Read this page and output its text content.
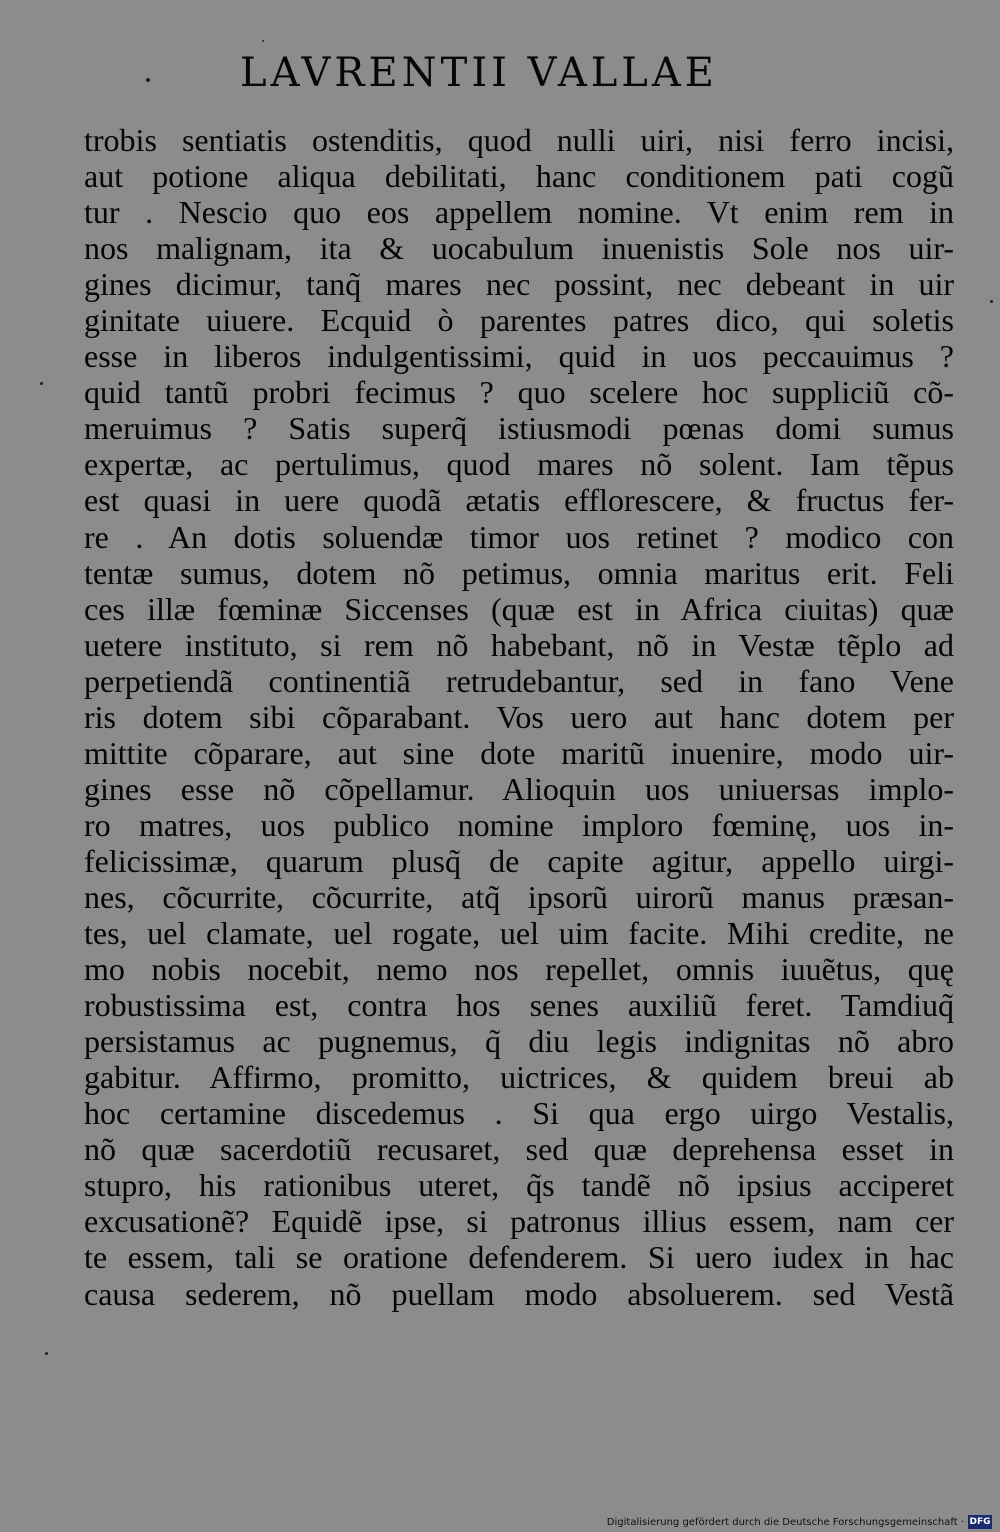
LAVRENTII VALLAE
trobis sentiatis ostenditis, quod nulli uiri, nisi ferro incisi,
aut potione aliqua debilitati, hanc conditionem pati cogũ
tur . Nescio quo eos appellem nomine. Vt enim rem in
nos malignam, ita & uocabulum inuenistis Sole nos uir-
gines dicimur, tanq̃ mares nec possint, nec debeant in uir
ginitate uiuere. Ecquid ò parentes patres dico, qui soletis
esse in liberos indulgentissimi, quid in uos peccauimus ?
quid tantũ probri fecimus ? quo scelere hoc suppliciũ cõ-
meruimus ? Satis superq̃ istiusmodi pœnas domi sumus
expertæ, ac pertulimus, quod mares nõ solent. Iam tẽpus
est quasi in uere quodã ætatis efflorescere, & fructus fer-
re . An dotis soluendæ timor uos retinet ? modico con
tentæ sumus, dotem nõ petimus, omnia maritus erit. Feli
ces illæ fœminæ Siccenses (quæ est in Africa ciuitas) quæ
uetere instituto, si rem nõ habebant, nõ in Vestæ tẽplo ad
perpetiendã continentiã retrudebantur, sed in fano Vene
ris dotem sibi cõparabant. Vos uero aut hanc dotem per
mittite cõparare, aut sine dote maritũ inuenire, modo uir-
gines esse nõ cõpellamur. Alioquin uos uniuersas implo-
ro matres, uos publico nomine imploro fœminę, uos in-
felicissimæ, quarum plusq̃ de capite agitur, appello uirgi-
nes, cõcurrite, cõcurrite, atq̃ ipsorũ uirorũ manus præsan-
tes, uel clamate, uel rogate, uel uim facite. Mihi credite, ne
mo nobis nocebit, nemo nos repellet, omnis iuuẽtus, quę
robustissima est, contra hos senes auxiliũ feret. Tamdiuq̃
persistamus ac pugnemus, q̃ diu legis indignitas nõ abro
gabitur. Affirmo, promitto, uictrices, & quidem breui ab
hoc certamine discedemus . Si qua ergo uirgo Vestalis,
nõ quæ sacerdotiũ recusaret, sed quæ deprehensa esset in
stupro, his rationibus uteret, q̃s tandẽ nõ ipsius acciperet
excusationẽ? Equidẽ ipse, si patronus illius essem, nam cer
te essem, tali se oratione defenderem. Si uero iudex in hac
causa sederem, nõ puellam modo absoluerem. sed Vestã
Digitalisierung gefördert durch die Deutsche Forschungsgemeinschaft · DFG
